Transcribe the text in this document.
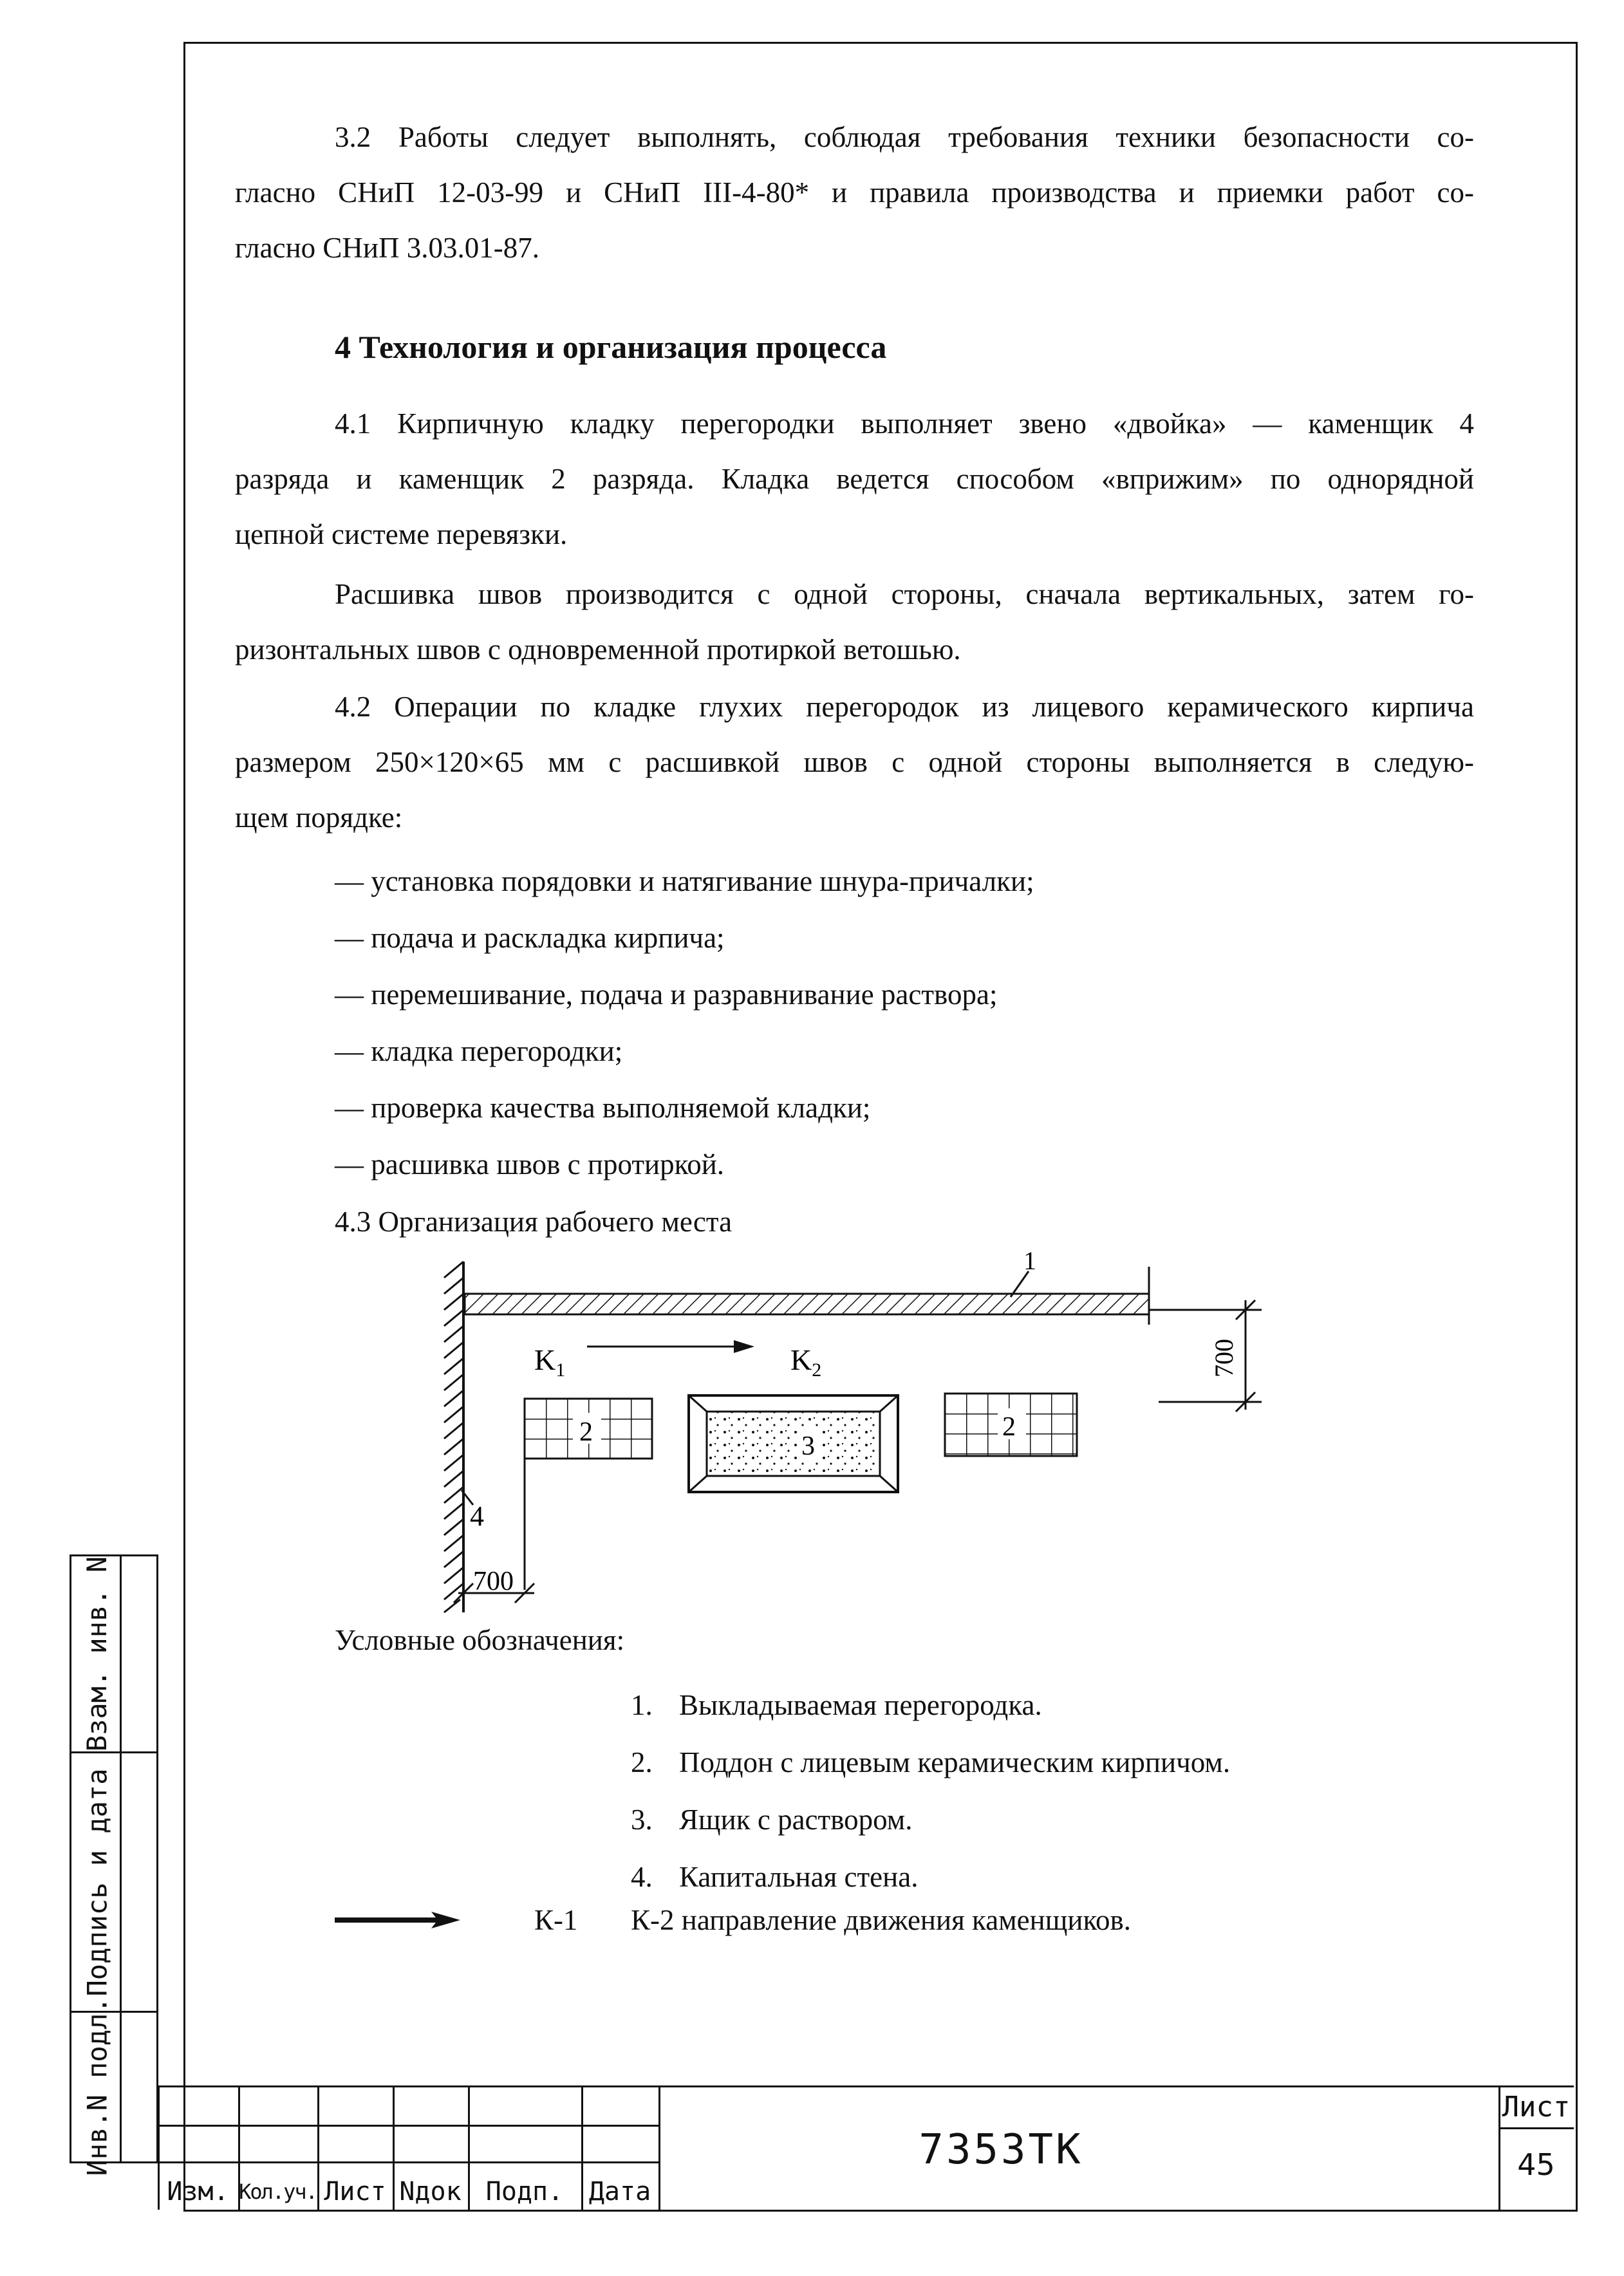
3.2 Работы следует выполнять, соблюдая требования техники безопасности со-
гласно СНиП 12-03-99 и СНиП III-4-80* и правила производства и приемки работ со-
гласно СНиП 3.03.01-87.
4 Технология и организация процесса
4.1 Кирпичную кладку перегородки выполняет звено «двойка» — каменщик 4
разряда и каменщик 2 разряда. Кладка ведется способом «вприжим» по однорядной
цепной системе перевязки.
Расшивка швов производится с одной стороны, сначала вертикальных, затем го-
ризонтальных швов с одновременной протиркой ветошью.
4.2 Операции по кладке глухих перегородок из лицевого керамического кирпича
размером 250×120×65 мм с расшивкой швов с одной стороны выполняется в следую-
щем порядке:
— установка порядовки и натягивание шнура-причалки;
— подача и раскладка кирпича;
— перемешивание, подача и разравнивание раствора;
— кладка перегородки;
— проверка качества выполняемой кладки;
— расшивка швов с протиркой.
4.3 Организация рабочего места
1
700
$K_1$	$K_2$
2	3
2
4
700
Условные обозначения:
1. Выкладываемая перегородка.
2. Поддон с лицевым керамическим кирпичом.
3. Ящик с раствором.
4. Капитальная стена.
К-1 К-2 направление движения каменщиков.
Взам. инв. N
Подпись и дата
Инв.N подл.
Изм. Кол.уч. Лист Nдок Подп. Дата
7353ТК
Лист
45
